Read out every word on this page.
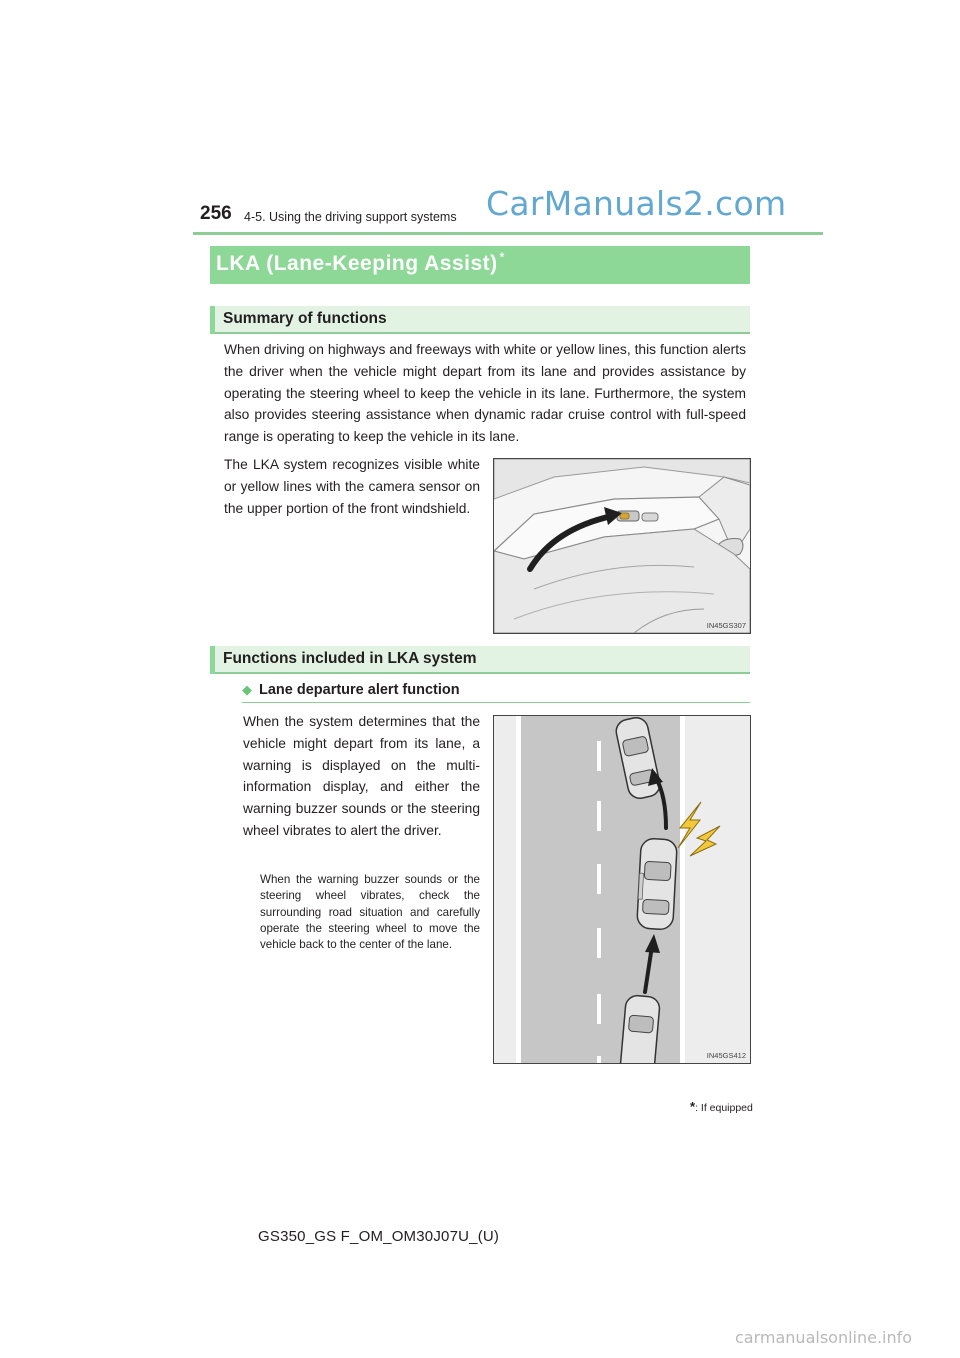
256 4-5. Using the driving support systems CarManuals2.com
LKA (Lane-Keeping Assist) *
Summary of functions
When driving on highways and freeways with white or yellow lines, this function alerts the driver when the vehicle might depart from its lane and provides assistance by operating the steering wheel to keep the vehicle in its lane. Furthermore, the system also provides steering assistance when dynamic radar cruise control with full-speed range is operating to keep the vehicle in its lane.
The LKA system recognizes visible white or yellow lines with the camera sensor on the upper portion of the front windshield.
IN45GS307
Functions included in LKA system
◆ Lane departure alert function
When the system determines that the vehicle might depart from its lane, a warning is displayed on the multi-information display, and either the warning buzzer sounds or the steering wheel vibrates to alert the driver.
When the warning buzzer sounds or the steering wheel vibrates, check the surrounding road situation and carefully operate the steering wheel to move the vehicle back to the center of the lane.
IN45GS412
*: If equipped
GS350_GS F_OM_OM30J07U_(U)
carmanualsonline.info
